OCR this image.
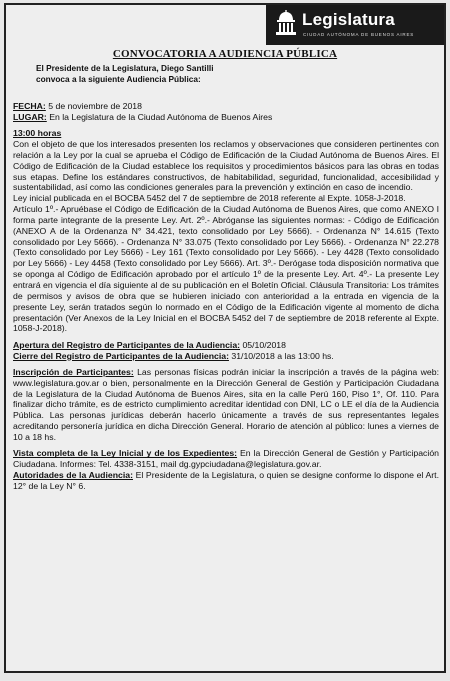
Legislatura
CIUDAD AUTÓNOMA DE BUENOS AIRES
CONVOCATORIA A AUDIENCIA PÚBLICA
El Presidente de la Legislatura, Diego Santilli
convoca a la siguiente Audiencia Pública:

FECHA: 5 de noviembre de 2018

LUGAR: En la Legislatura de la Ciudad Autónoma de Buenos Aires

13:00 horas

Con el objeto de que los interesados presenten los reclamos y observaciones que consideren pertinentes con relación a la Ley por la cual se aprueba el Código de Edificación de la Ciudad Autónoma de Buenos Aires. El Código de Edificación de la Ciudad establece los requisitos y procedimientos básicos para las obras en todas sus etapas. Define los estándares constructivos, de habitabilidad, seguridad, funcionalidad, accesibilidad y sustentabilidad, así como las condiciones generales para la prevención y extinción en caso de incendio.

Ley inicial publicada en el BOCBA 5452 del 7 de septiembre de 2018 referente al Expte. 1058-J-2018.

Artículo 1º.- Apruébase el Código de Edificación de la Ciudad Autónoma de Buenos Aires, que como ANEXO I forma parte integrante de la presente Ley. Art. 2º.- Abróganse las siguientes normas: - Código de Edificación (ANEXO A de la Ordenanza N° 34.421, texto consolidado por Ley 5666). - Ordenanza N° 14.615 (Texto consolidado por Ley 5666). - Ordenanza N° 33.075 (Texto consolidado por Ley 5666). - Ordenanza N° 22.278 (Texto consolidado por Ley 5666) - Ley 161 (Texto consolidado por Ley 5666). - Ley 4428 (Texto consolidado por Ley 5666) - Ley 4458 (Texto consolidado por Ley 5666). Art. 3º.- Derógase toda disposición normativa que se oponga al Código de Edificación aprobado por el artículo 1º de la presente Ley. Art. 4º.- La presente Ley entrará en vigencia el día siguiente al de su publicación en el Boletín Oficial. Cláusula Transitoria: Los trámites de permisos y avisos de obra que se hubieren iniciado con anterioridad a la entrada en vigencia de la presente Ley, serán tratados según lo normado en el Código de la Edificación vigente al momento de dicha presentación (Ver Anexos de la Ley Inicial en el BOCBA 5452 del 7 de septiembre de 2018 referente al Expte. 1058-J-2018).

Apertura del Registro de Participantes de la Audiencia: 05/10/2018

Cierre del Registro de Participantes de la Audiencia: 31/10/2018 a las 13:00 hs.

Inscripción de Participantes: Las personas físicas podrán iniciar la inscripción a través de la página web: www.legislatura.gov.ar o bien, personalmente en la Dirección General de Gestión y Participación Ciudadana de la Legislatura de la Ciudad Autónoma de Buenos Aires, sita en la calle Perú 160, Piso 1°, Of. 110. Para finalizar dicho trámite, es de estricto cumplimiento acreditar identidad con DNI, LC o LE el día de la Audiencia Pública. Las personas jurídicas deberán hacerlo únicamente a través de sus representantes legales acreditando personería jurídica en dicha Dirección General. Horario de atención al público: lunes a viernes de 10 a 18 hs.

Vista completa de la Ley Inicial y de los Expedientes: En la Dirección General de Gestión y Participación Ciudadana. Informes: Tel. 4338-3151, mail dg.gypciudadana@legislatura.gov.ar.

Autoridades de la Audiencia: El Presidente de la Legislatura, o quien se designe conforme lo dispone el Art. 12° de la Ley N° 6.
